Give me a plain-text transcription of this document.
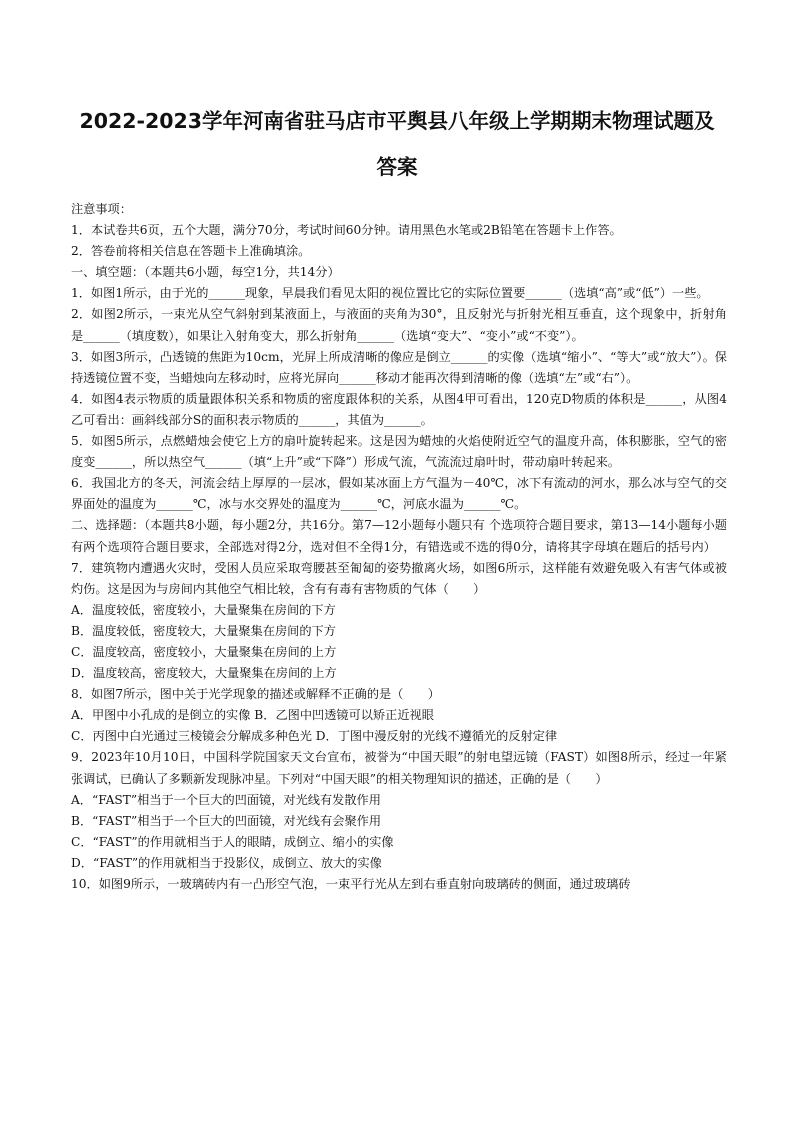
2022-2023学年河南省驻马店市平舆县八年级上学期期末物理试题及
答案

注意事项：

1．本试卷共6页，五个大题，满分70分，考试时间60分钟。请用黑色水笔或2B铅笔在答题卡上作答。

2．答卷前将相关信息在答题卡上准确填涂。

一、填空题：（本题共6小题，每空1分，共14分）

1．如图1所示，由于光的______现象，早晨我们看见太阳的视位置比它的实际位置要______（选填“高”或“低”）一些。

2．如图2所示，一束光从空气斜射到某液面上，与液面的夹角为30°，且反射光与折射光相互垂直，这个现象中，折射角是______（填度数），如果让入射角变大，那么折射角______（选填“变大”、“变小”或“不变”）。

3．如图3所示，凸透镜的焦距为10cm，光屏上所成清晰的像应是倒立______的实像（选填“缩小”、“等大”或“放大”）。保持透镜位置不变，当蜡烛向左移动时，应将光屏向______移动才能再次得到清晰的像（选填“左”或“右”）。

4．如图4表示物质的质量跟体积关系和物质的密度跟体积的关系，从图4甲可看出，120克D物质的体积是______，从图4乙可看出：画斜线部分S的面积表示物质的______，其值为______。

5．如图5所示，点燃蜡烛会使它上方的扇叶旋转起来。这是因为蜡烛的火焰使附近空气的温度升高，体积膨胀，空气的密度变______，所以热空气______（填“上升”或“下降”）形成气流，气流流过扇叶时，带动扇叶转起来。

6．我国北方的冬天，河流会结上厚厚的一层冰，假如某冰面上方气温为－40℃，冰下有流动的河水，那么冰与空气的交界面处的温度为______℃，冰与水交界处的温度为______℃，河底水温为______℃。

二、选择题：（本题共8小题，每小题2分，共16分。第7—12小题每小题只有 个选项符合题目要求，第13—14小题每小题有两个选项符合题目要求，全部选对得2分，选对但不全得1分，有错选或不选的得0分，请将其字母填在题后的括号内）

7．建筑物内遭遇火灾时，受困人员应采取弯腰甚至匍匐的姿势撤离火场，如图6所示，这样能有效避免吸入有害气体或被灼伤。这是因为与房间内其他空气相比较，含有有毒有害物质的气体（　　）

A．温度较低，密度较小，大量聚集在房间的下方

B．温度较低，密度较大，大量聚集在房间的下方

C．温度较高，密度较小，大量聚集在房间的上方

D．温度较高，密度较大，大量聚集在房间的上方

8．如图7所示，图中关于光学现象的描述或解释不正确的是（　　）

A．甲图中小孔成的是倒立的实像 B．乙图中凹透镜可以矫正近视眼

C．丙图中白光通过三棱镜会分解成多种色光 D．丁图中漫反射的光线不遵循光的反射定律

9．2023年10月10日，中国科学院国家天文台宣布，被誉为“中国天眼”的射电望远镜（FAST）如图8所示，经过一年紧张调试，已确认了多颗新发现脉冲星。下列对“中国天眼”的相关物理知识的描述，正确的是（　　）

A．“FAST”相当于一个巨大的凹面镜，对光线有发散作用

B．“FAST”相当于一个巨大的凹面镜，对光线有会聚作用

C．“FAST”的作用就相当于人的眼睛，成倒立、缩小的实像

D．“FAST”的作用就相当于投影仪，成倒立、放大的实像

10．如图9所示，一玻璃砖内有一凸形空气泡，一束平行光从左到右垂直射向玻璃砖的侧面，通过玻璃砖
